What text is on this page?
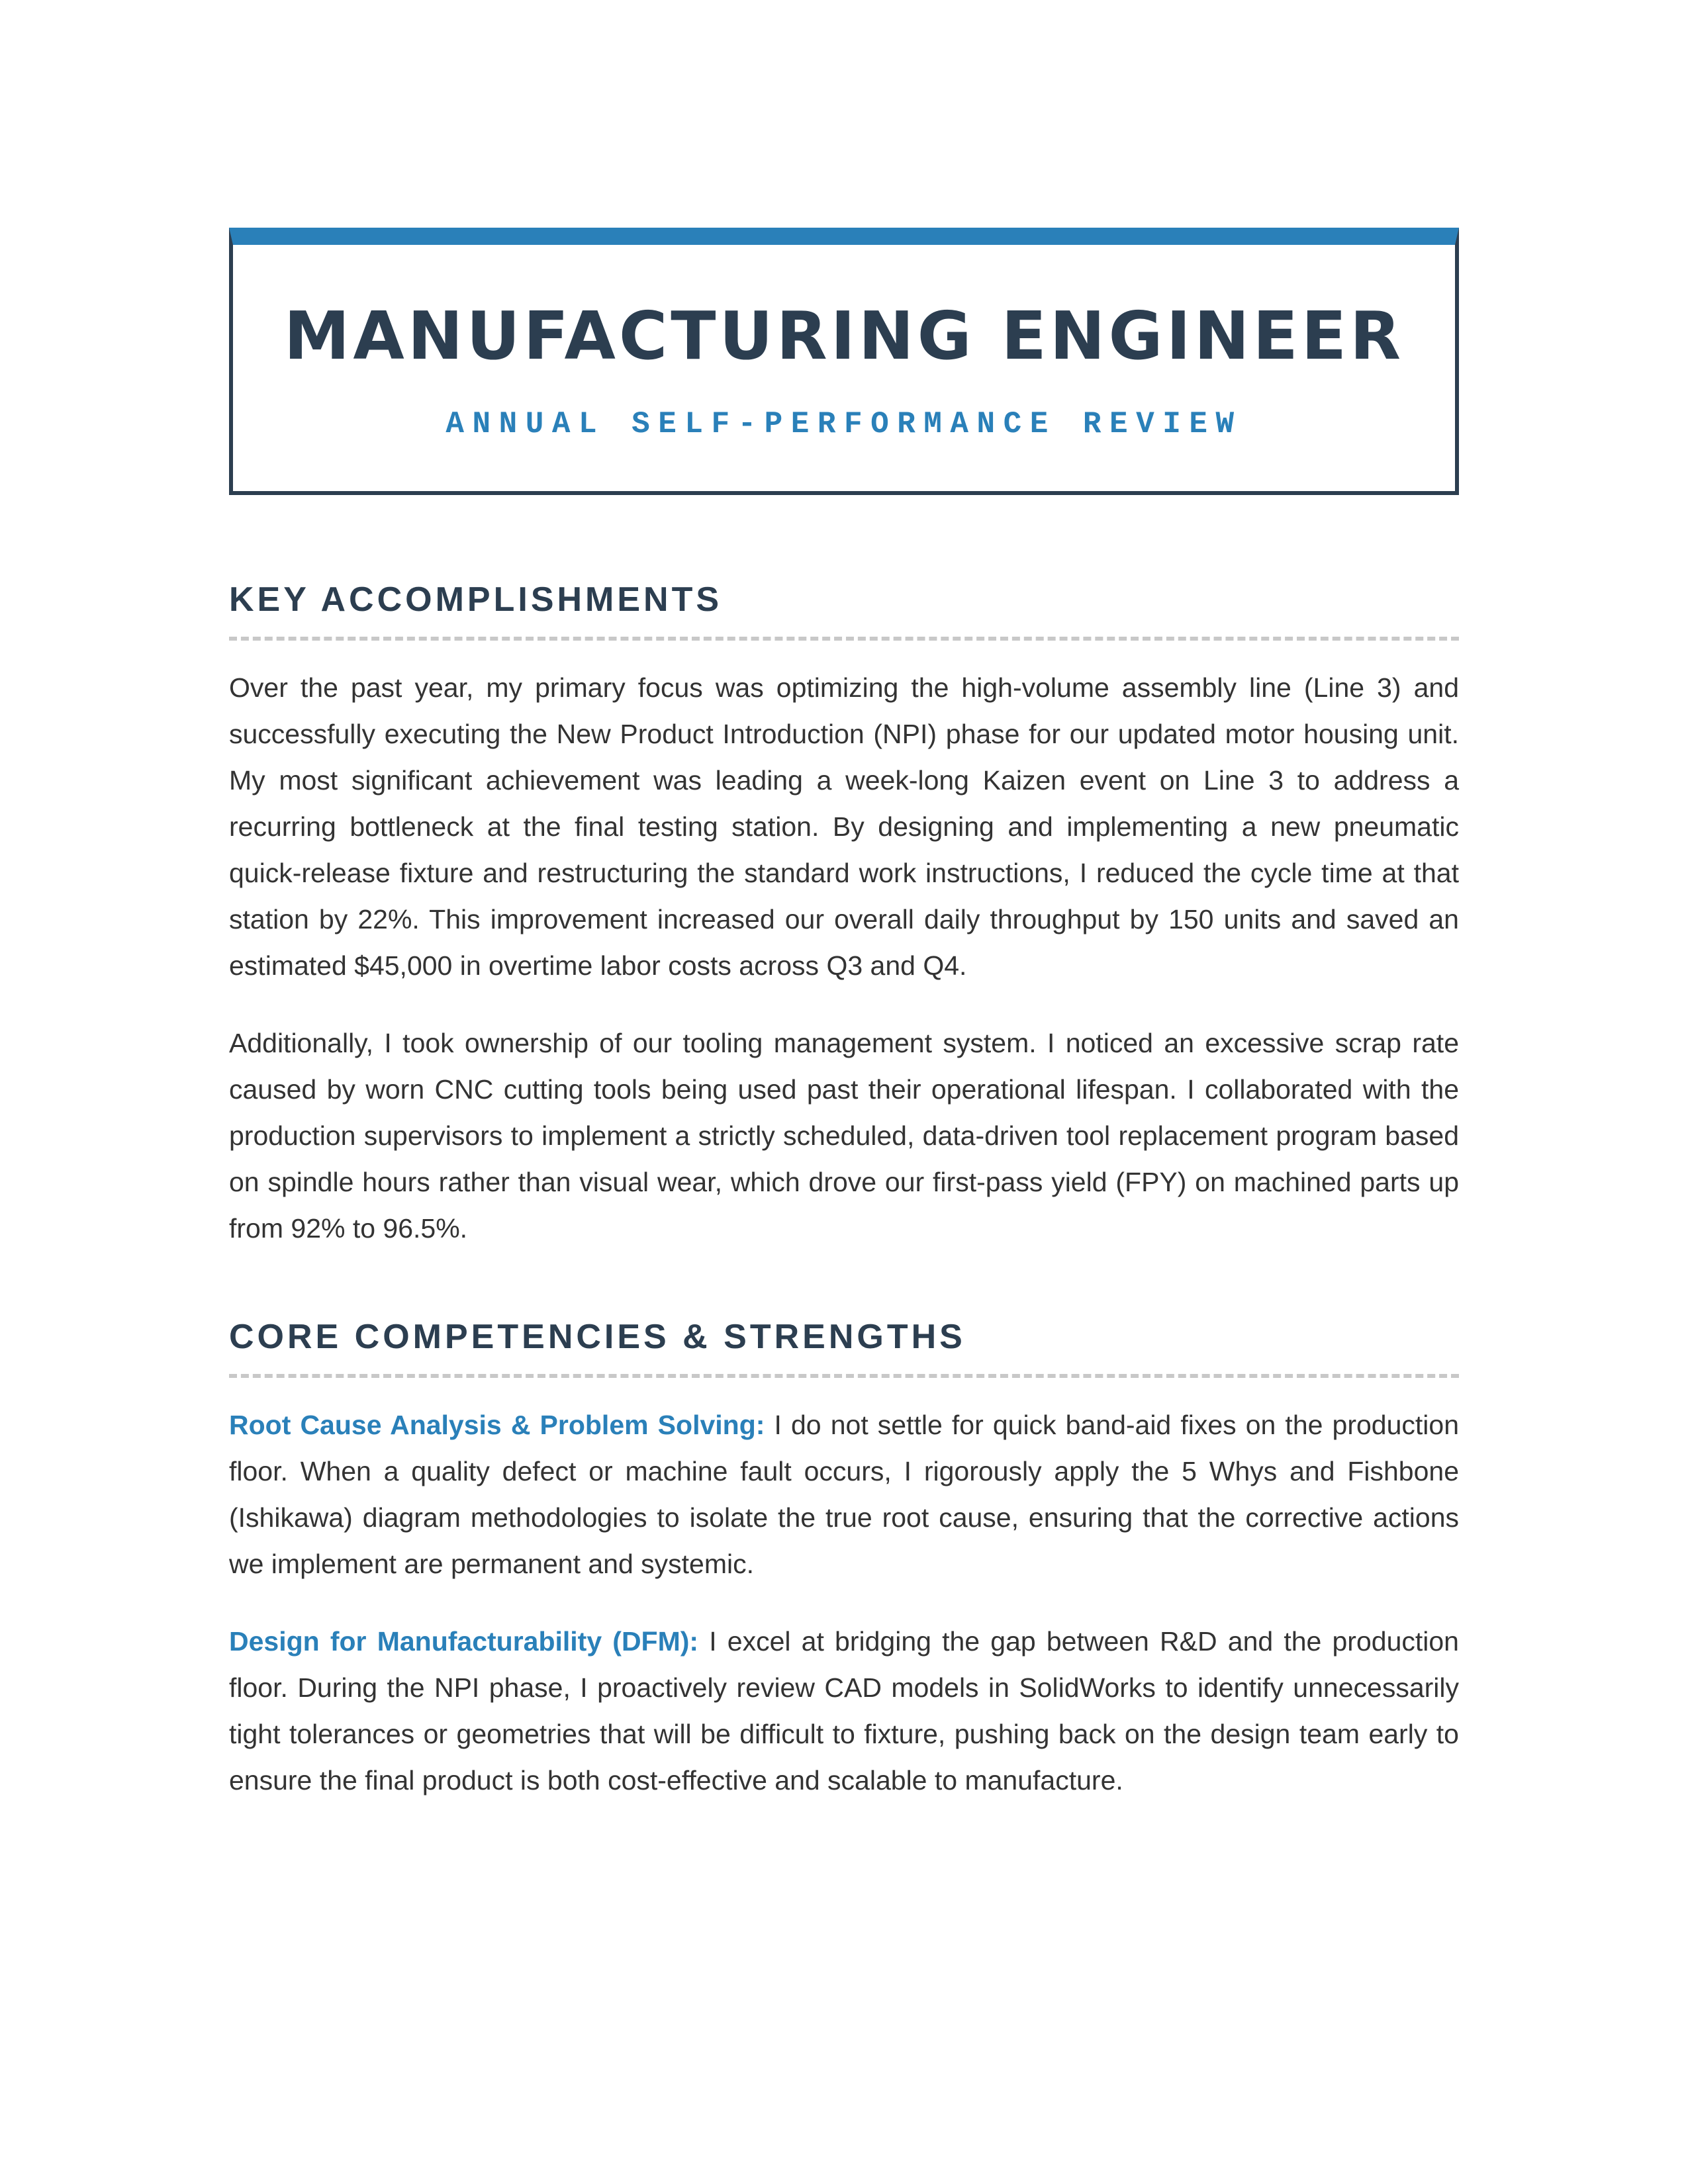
MANUFACTURING ENGINEER
ANNUAL SELF-PERFORMANCE REVIEW
KEY ACCOMPLISHMENTS

Over the past year, my primary focus was optimizing the high-volume assembly line (Line 3) and successfully executing the New Product Introduction (NPI) phase for our updated motor housing unit. My most significant achievement was leading a week-long Kaizen event on Line 3 to address a recurring bottleneck at the final testing station. By designing and implementing a new pneumatic quick-release fixture and restructuring the standard work instructions, I reduced the cycle time at that station by 22%. This improvement increased our overall daily throughput by 150 units and saved an estimated $45,000 in overtime labor costs across Q3 and Q4.

Additionally, I took ownership of our tooling management system. I noticed an excessive scrap rate caused by worn CNC cutting tools being used past their operational lifespan. I collaborated with the production supervisors to implement a strictly scheduled, data-driven tool replacement program based on spindle hours rather than visual wear, which drove our first-pass yield (FPY) on machined parts up from 92% to 96.5%.

CORE COMPETENCIES & STRENGTHS

Root Cause Analysis & Problem Solving: I do not settle for quick band-aid fixes on the production floor. When a quality defect or machine fault occurs, I rigorously apply the 5 Whys and Fishbone (Ishikawa) diagram methodologies to isolate the true root cause, ensuring that the corrective actions we implement are permanent and systemic.

Design for Manufacturability (DFM): I excel at bridging the gap between R&D and the production floor. During the NPI phase, I proactively review CAD models in SolidWorks to identify unnecessarily tight tolerances or geometries that will be difficult to fixture, pushing back on the design team early to ensure the final product is both cost-effective and scalable to manufacture.
